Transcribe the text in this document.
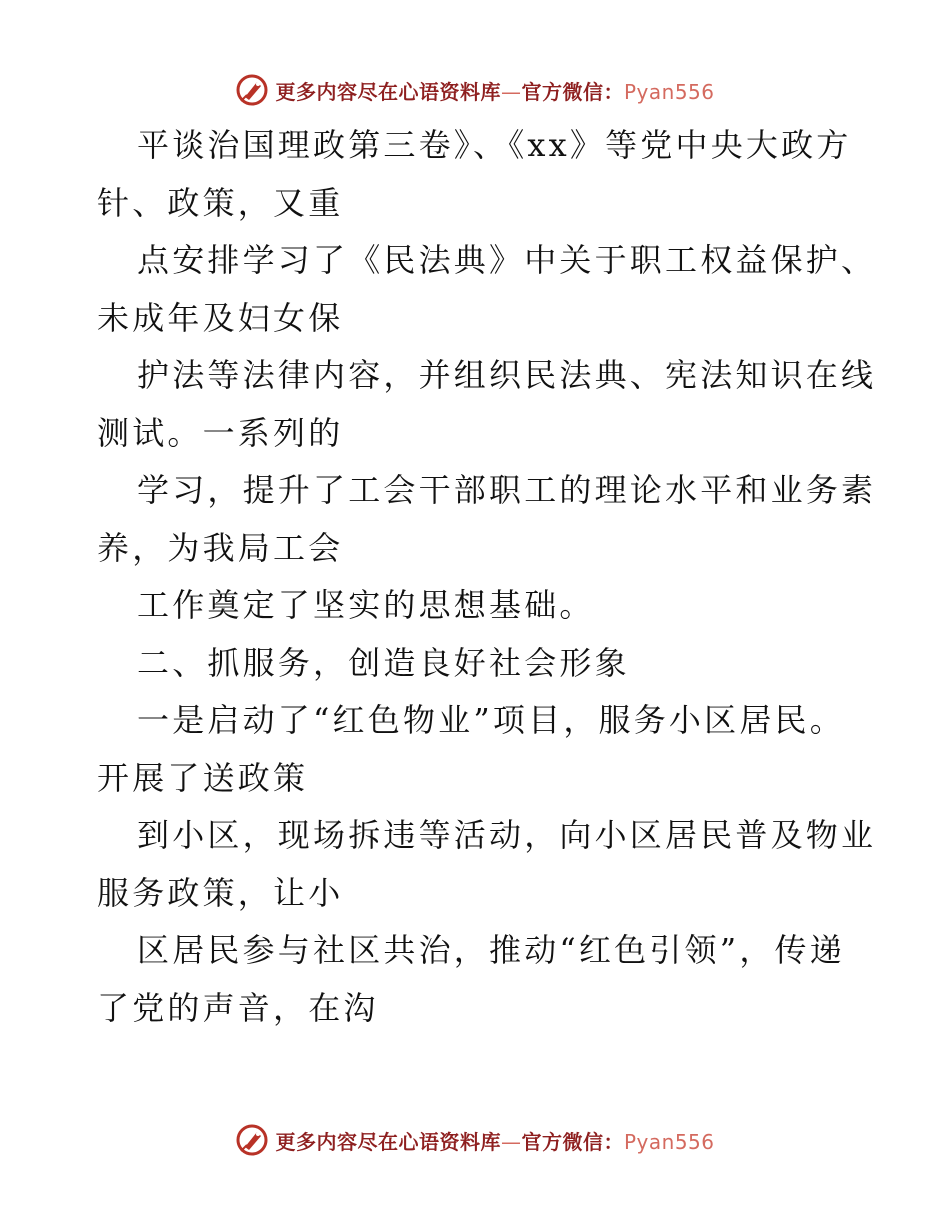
更多内容尽在心语资料库—官方微信：Pyan556
平谈治国理政第三卷》、《xx》等党中央大政方
针、政策，又重
点安排学习了《民法典》中关于职工权益保护、
未成年及妇女保
护法等法律内容，并组织民法典、宪法知识在线
测试。一系列的
学习，提升了工会干部职工的理论水平和业务素
养，为我局工会
工作奠定了坚实的思想基础。
二、抓服务，创造良好社会形象
一是启动了“红色物业”项目，服务小区居民。
开展了送政策
到小区，现场拆违等活动，向小区居民普及物业
服务政策，让小
区居民参与社区共治，推动“红色引领”，传递
了党的声音，在沟
更多内容尽在心语资料库—官方微信：Pyan556
